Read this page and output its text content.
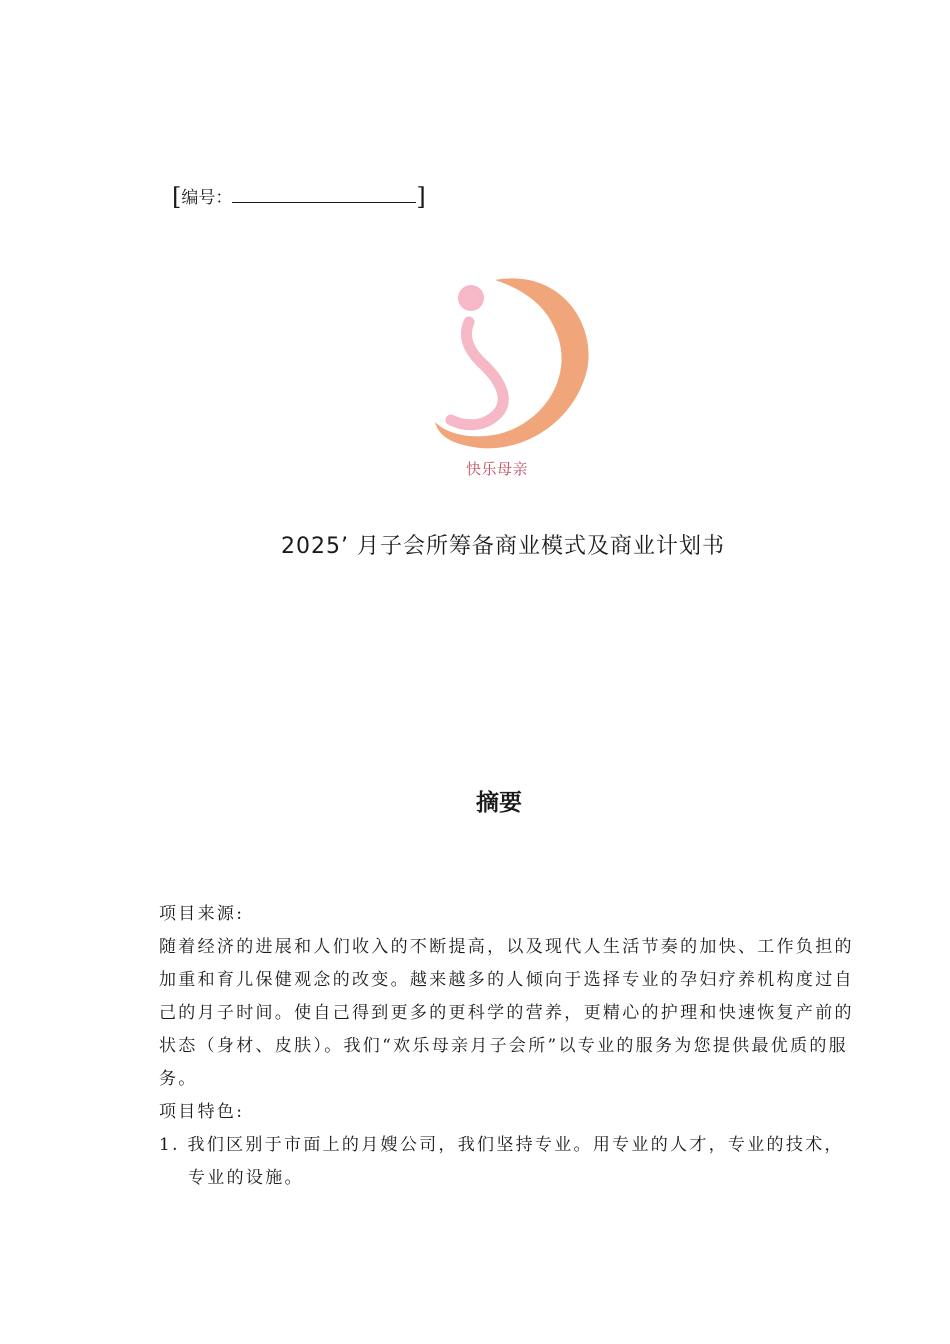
[编号：	]
快乐母亲
2025’ 月子会所筹备商业模式及商业计划书
摘要

项目来源:

随着经济的进展和人们收入的不断提高，以及现代人生活节奏的加快、工作负担的加重和育儿保健观念的改变。越来越多的人倾向于选择专业的孕妇疗养机构度过自己的月子时间。使自己得到更多的更科学的营养，更精心的护理和快速恢复产前的状态（身材、皮肤）。我们“欢乐母亲月子会所”以专业的服务为您提供最优质的服务。

项目特色:

1. 我们区别于市面上的月嫂公司，我们坚持专业。用专业的人才，专业的技术，专业的设施。
